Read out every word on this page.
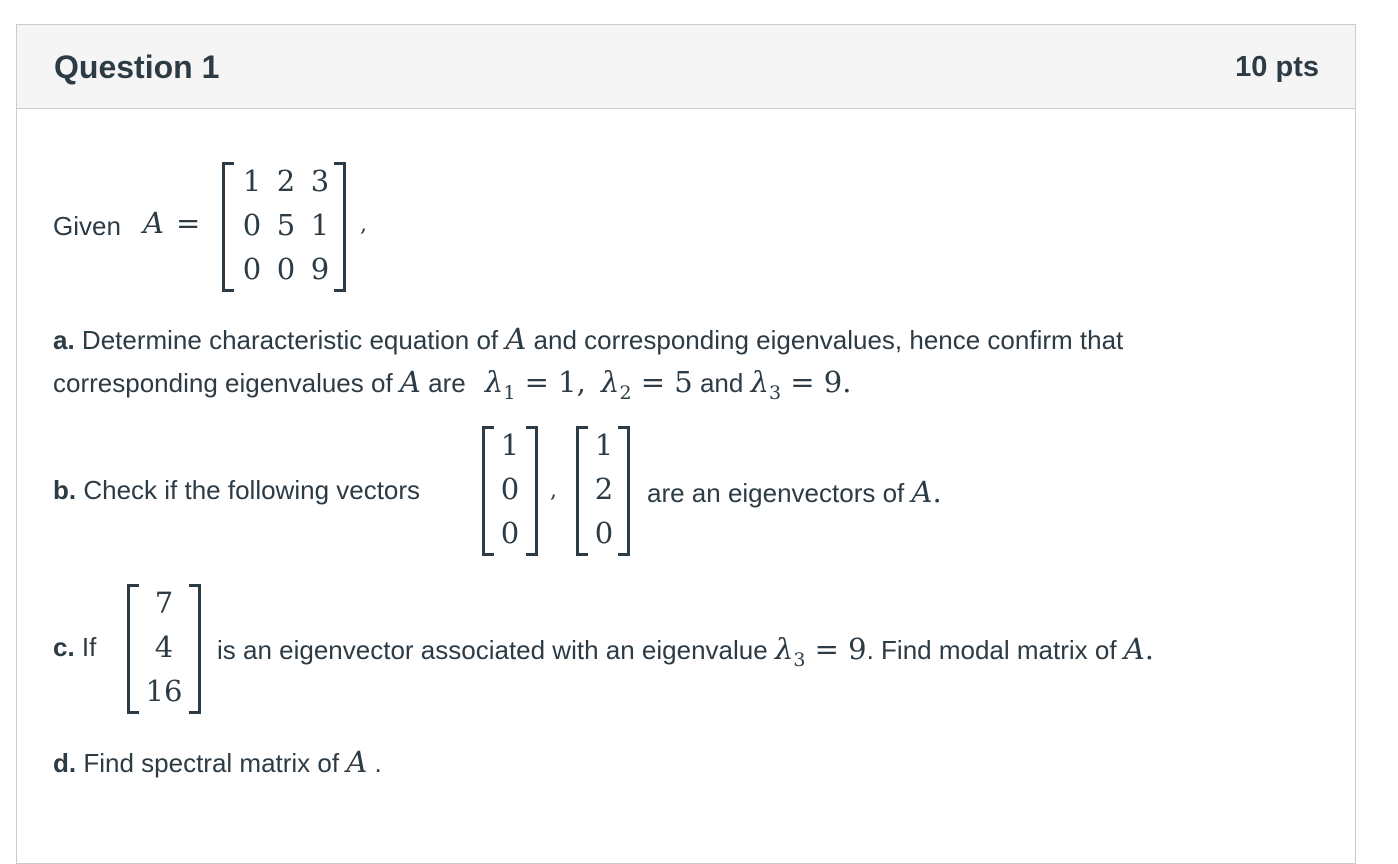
Question 1	10 pts
Given A =
1 2 3
0 5 1
0 0 9
,
a. Determine characteristic equation of A and corresponding eigenvalues, hence confirm that
corresponding eigenvalues of A are $\lambda_1 = 1$, $\lambda_2 = 5$ and $\lambda_3 = 9$.
b. Check if the following vectors
1
0
0
,
1
2
0
are an eigenvectors of A.
c. If
7
4
16
is an eigenvector associated with an eigenvalue $\lambda_3 = 9$. Find modal matrix of A.
d. Find spectral matrix of A .
